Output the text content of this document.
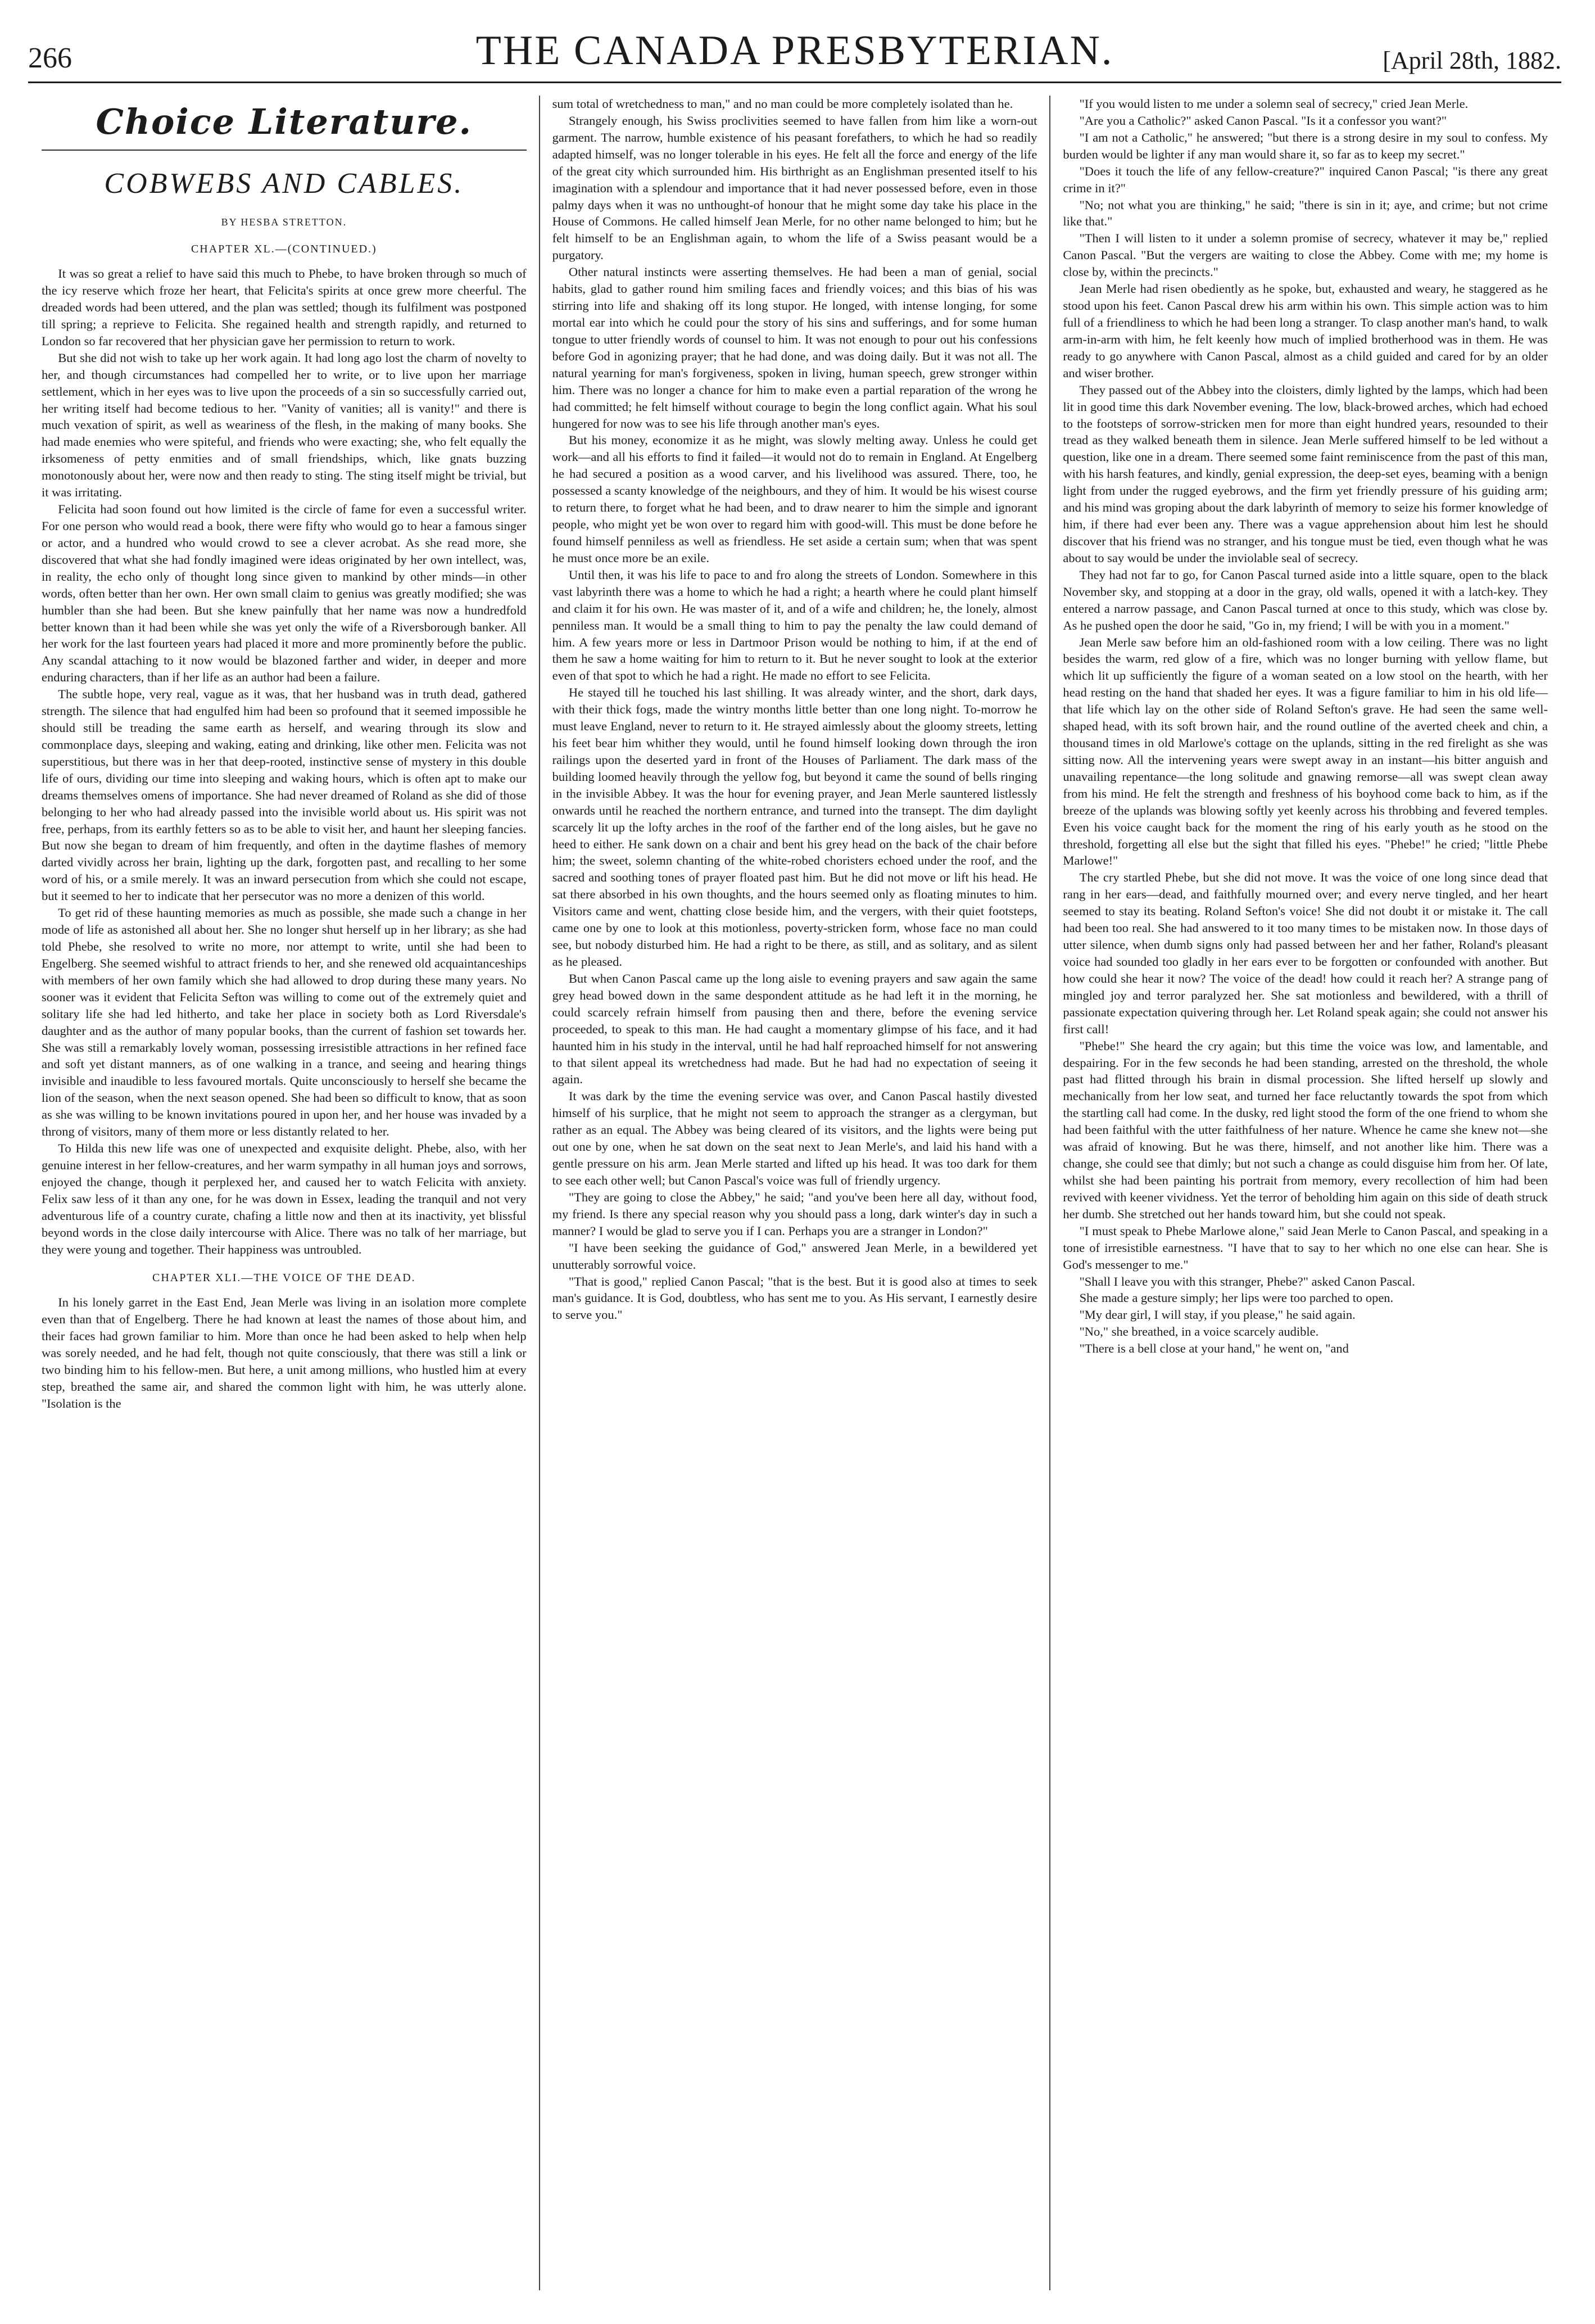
266	THE CANADA PRESBYTERIAN.	[April 28th, 1882.
Choice Literature.
COBWEBS AND CABLES.
BY HESBA STRETTON.
CHAPTER XL.—(CONTINUED.)

It was so great a relief to have said this much to Phebe, to have broken through so much of the icy reserve which froze her heart, that Felicita's spirits at once grew more cheerful. The dreaded words had been uttered, and the plan was settled; though its fulfilment was postponed till spring; a reprieve to Felicita. She regained health and strength rapidly, and returned to London so far recovered that her physician gave her permission to return to work.

But she did not wish to take up her work again. It had long ago lost the charm of novelty to her, and though circumstances had compelled her to write, or to live upon her marriage settlement, which in her eyes was to live upon the proceeds of a sin so successfully carried out, her writing itself had become tedious to her. "Vanity of vanities; all is vanity!" and there is much vexation of spirit, as well as weariness of the flesh, in the making of many books. She had made enemies who were spiteful, and friends who were exacting; she, who felt equally the irksomeness of petty enmities and of small friendships, which, like gnats buzzing monotonously about her, were now and then ready to sting. The sting itself might be trivial, but it was irritating.

Felicita had soon found out how limited is the circle of fame for even a successful writer. For one person who would read a book, there were fifty who would go to hear a famous singer or actor, and a hundred who would crowd to see a clever acrobat. As she read more, she discovered that what she had fondly imagined were ideas originated by her own intellect, was, in reality, the echo only of thought long since given to mankind by other minds—in other words, often better than her own. Her own small claim to genius was greatly modified; she was humbler than she had been. But she knew painfully that her name was now a hundredfold better known than it had been while she was yet only the wife of a Riversborough banker. All her work for the last fourteen years had placed it more and more prominently before the public. Any scandal attaching to it now would be blazoned farther and wider, in deeper and more enduring characters, than if her life as an author had been a failure.

The subtle hope, very real, vague as it was, that her husband was in truth dead, gathered strength. The silence that had engulfed him had been so profound that it seemed impossible he should still be treading the same earth as herself, and wearing through its slow and commonplace days, sleeping and waking, eating and drinking, like other men. Felicita was not superstitious, but there was in her that deep-rooted, instinctive sense of mystery in this double life of ours, dividing our time into sleeping and waking hours, which is often apt to make our dreams themselves omens of importance. She had never dreamed of Roland as she did of those belonging to her who had already passed into the invisible world about us. His spirit was not free, perhaps, from its earthly fetters so as to be able to visit her, and haunt her sleeping fancies. But now she began to dream of him frequently, and often in the daytime flashes of memory darted vividly across her brain, lighting up the dark, forgotten past, and recalling to her some word of his, or a smile merely. It was an inward persecution from which she could not escape, but it seemed to her to indicate that her persecutor was no more a denizen of this world.

To get rid of these haunting memories as much as possible, she made such a change in her mode of life as astonished all about her. She no longer shut herself up in her library; as she had told Phebe, she resolved to write no more, nor attempt to write, until she had been to Engelberg. She seemed wishful to attract friends to her, and she renewed old acquaintanceships with members of her own family which she had allowed to drop during these many years. No sooner was it evident that Felicita Sefton was willing to come out of the extremely quiet and solitary life she had led hitherto, and take her place in society both as Lord Riversdale's daughter and as the author of many popular books, than the current of fashion set towards her. She was still a remarkably lovely woman, possessing irresistible attractions in her refined face and soft yet distant manners, as of one walking in a trance, and seeing and hearing things invisible and inaudible to less favoured mortals. Quite unconsciously to herself she became the lion of the season, when the next season opened. She had been so difficult to know, that as soon as she was willing to be known invitations poured in upon her, and her house was invaded by a throng of visitors, many of them more or less distantly related to her.

To Hilda this new life was one of unexpected and exquisite delight. Phebe, also, with her genuine interest in her fellow-creatures, and her warm sympathy in all human joys and sorrows, enjoyed the change, though it perplexed her, and caused her to watch Felicita with anxiety. Felix saw less of it than any one, for he was down in Essex, leading the tranquil and not very adventurous life of a country curate, chafing a little now and then at its inactivity, yet blissful beyond words in the close daily intercourse with Alice. There was no talk of her marriage, but they were young and together. Their happiness was untroubled.

CHAPTER XLI.—THE VOICE OF THE DEAD.

In his lonely garret in the East End, Jean Merle was living in an isolation more complete even than that of Engelberg. There he had known at least the names of those about him, and their faces had grown familiar to him. More than once he had been asked to help when help was sorely needed, and he had felt, though not quite consciously, that there was still a link or two binding him to his fellow-men. But here, a unit among millions, who hustled him at every step, breathed the same air, and shared the common light with him, he was utterly alone. "Isolation is the

sum total of wretchedness to man," and no man could be more completely isolated than he.

Strangely enough, his Swiss proclivities seemed to have fallen from him like a worn-out garment. The narrow, humble existence of his peasant forefathers, to which he had so readily adapted himself, was no longer tolerable in his eyes. He felt all the force and energy of the life of the great city which surrounded him. His birthright as an Englishman presented itself to his imagination with a splendour and importance that it had never possessed before, even in those palmy days when it was no unthought-of honour that he might some day take his place in the House of Commons. He called himself Jean Merle, for no other name belonged to him; but he felt himself to be an Englishman again, to whom the life of a Swiss peasant would be a purgatory.

Other natural instincts were asserting themselves. He had been a man of genial, social habits, glad to gather round him smiling faces and friendly voices; and this bias of his was stirring into life and shaking off its long stupor. He longed, with intense longing, for some mortal ear into which he could pour the story of his sins and sufferings, and for some human tongue to utter friendly words of counsel to him. It was not enough to pour out his confessions before God in agonizing prayer; that he had done, and was doing daily. But it was not all. The natural yearning for man's forgiveness, spoken in living, human speech, grew stronger within him. There was no longer a chance for him to make even a partial reparation of the wrong he had committed; he felt himself without courage to begin the long conflict again. What his soul hungered for now was to see his life through another man's eyes.

But his money, economize it as he might, was slowly melting away. Unless he could get work—and all his efforts to find it failed—it would not do to remain in England. At Engelberg he had secured a position as a wood carver, and his livelihood was assured. There, too, he possessed a scanty knowledge of the neighbours, and they of him. It would be his wisest course to return there, to forget what he had been, and to draw nearer to him the simple and ignorant people, who might yet be won over to regard him with good-will. This must be done before he found himself penniless as well as friendless. He set aside a certain sum; when that was spent he must once more be an exile.

Until then, it was his life to pace to and fro along the streets of London. Somewhere in this vast labyrinth there was a home to which he had a right; a hearth where he could plant himself and claim it for his own. He was master of it, and of a wife and children; he, the lonely, almost penniless man. It would be a small thing to him to pay the penalty the law could demand of him. A few years more or less in Dartmoor Prison would be nothing to him, if at the end of them he saw a home waiting for him to return to it. But he never sought to look at the exterior even of that spot to which he had a right. He made no effort to see Felicita.

He stayed till he touched his last shilling. It was already winter, and the short, dark days, with their thick fogs, made the wintry months little better than one long night. To-morrow he must leave England, never to return to it. He strayed aimlessly about the gloomy streets, letting his feet bear him whither they would, until he found himself looking down through the iron railings upon the deserted yard in front of the Houses of Parliament. The dark mass of the building loomed heavily through the yellow fog, but beyond it came the sound of bells ringing in the invisible Abbey. It was the hour for evening prayer, and Jean Merle sauntered listlessly onwards until he reached the northern entrance, and turned into the transept. The dim daylight scarcely lit up the lofty arches in the roof of the farther end of the long aisles, but he gave no heed to either. He sank down on a chair and bent his grey head on the back of the chair before him; the sweet, solemn chanting of the white-robed choristers echoed under the roof, and the sacred and soothing tones of prayer floated past him. But he did not move or lift his head. He sat there absorbed in his own thoughts, and the hours seemed only as floating minutes to him. Visitors came and went, chatting close beside him, and the vergers, with their quiet footsteps, came one by one to look at this motionless, poverty-stricken form, whose face no man could see, but nobody disturbed him. He had a right to be there, as still, and as solitary, and as silent as he pleased.

But when Canon Pascal came up the long aisle to evening prayers and saw again the same grey head bowed down in the same despondent attitude as he had left it in the morning, he could scarcely refrain himself from pausing then and there, before the evening service proceeded, to speak to this man. He had caught a momentary glimpse of his face, and it had haunted him in his study in the interval, until he had half reproached himself for not answering to that silent appeal its wretchedness had made. But he had had no expectation of seeing it again.

It was dark by the time the evening service was over, and Canon Pascal hastily divested himself of his surplice, that he might not seem to approach the stranger as a clergyman, but rather as an equal. The Abbey was being cleared of its visitors, and the lights were being put out one by one, when he sat down on the seat next to Jean Merle's, and laid his hand with a gentle pressure on his arm. Jean Merle started and lifted up his head. It was too dark for them to see each other well; but Canon Pascal's voice was full of friendly urgency.

"They are going to close the Abbey," he said; "and you've been here all day, without food, my friend. Is there any special reason why you should pass a long, dark winter's day in such a manner? I would be glad to serve you if I can. Perhaps you are a stranger in London?"

"I have been seeking the guidance of God," answered Jean Merle, in a bewildered yet unutterably sorrowful voice.

"That is good," replied Canon Pascal; "that is the best. But it is good also at times to seek man's guidance. It is God, doubtless, who has sent me to you. As His servant, I earnestly desire to serve you."

"If you would listen to me under a solemn seal of secrecy," cried Jean Merle.

"Are you a Catholic?" asked Canon Pascal. "Is it a confessor you want?"

"I am not a Catholic," he answered; "but there is a strong desire in my soul to confess. My burden would be lighter if any man would share it, so far as to keep my secret."

"Does it touch the life of any fellow-creature?" inquired Canon Pascal; "is there any great crime in it?"

"No; not what you are thinking," he said; "there is sin in it; aye, and crime; but not crime like that."

"Then I will listen to it under a solemn promise of secrecy, whatever it may be," replied Canon Pascal. "But the vergers are waiting to close the Abbey. Come with me; my home is close by, within the precincts."

Jean Merle had risen obediently as he spoke, but, exhausted and weary, he staggered as he stood upon his feet. Canon Pascal drew his arm within his own. This simple action was to him full of a friendliness to which he had been long a stranger. To clasp another man's hand, to walk arm-in-arm with him, he felt keenly how much of implied brotherhood was in them. He was ready to go anywhere with Canon Pascal, almost as a child guided and cared for by an older and wiser brother.

They passed out of the Abbey into the cloisters, dimly lighted by the lamps, which had been lit in good time this dark November evening. The low, black-browed arches, which had echoed to the footsteps of sorrow-stricken men for more than eight hundred years, resounded to their tread as they walked beneath them in silence. Jean Merle suffered himself to be led without a question, like one in a dream. There seemed some faint reminiscence from the past of this man, with his harsh features, and kindly, genial expression, the deep-set eyes, beaming with a benign light from under the rugged eyebrows, and the firm yet friendly pressure of his guiding arm; and his mind was groping about the dark labyrinth of memory to seize his former knowledge of him, if there had ever been any. There was a vague apprehension about him lest he should discover that his friend was no stranger, and his tongue must be tied, even though what he was about to say would be under the inviolable seal of secrecy.

They had not far to go, for Canon Pascal turned aside into a little square, open to the black November sky, and stopping at a door in the gray, old walls, opened it with a latch-key. They entered a narrow passage, and Canon Pascal turned at once to this study, which was close by. As he pushed open the door he said, "Go in, my friend; I will be with you in a moment."

Jean Merle saw before him an old-fashioned room with a low ceiling. There was no light besides the warm, red glow of a fire, which was no longer burning with yellow flame, but which lit up sufficiently the figure of a woman seated on a low stool on the hearth, with her head resting on the hand that shaded her eyes. It was a figure familiar to him in his old life—that life which lay on the other side of Roland Sefton's grave. He had seen the same well-shaped head, with its soft brown hair, and the round outline of the averted cheek and chin, a thousand times in old Marlowe's cottage on the uplands, sitting in the red firelight as she was sitting now. All the intervening years were swept away in an instant—his bitter anguish and unavailing repentance—the long solitude and gnawing remorse—all was swept clean away from his mind. He felt the strength and freshness of his boyhood come back to him, as if the breeze of the uplands was blowing softly yet keenly across his throbbing and fevered temples. Even his voice caught back for the moment the ring of his early youth as he stood on the threshold, forgetting all else but the sight that filled his eyes. "Phebe!" he cried; "little Phebe Marlowe!"

The cry startled Phebe, but she did not move. It was the voice of one long since dead that rang in her ears—dead, and faithfully mourned over; and every nerve tingled, and her heart seemed to stay its beating. Roland Sefton's voice! She did not doubt it or mistake it. The call had been too real. She had answered to it too many times to be mistaken now. In those days of utter silence, when dumb signs only had passed between her and her father, Roland's pleasant voice had sounded too gladly in her ears ever to be forgotten or confounded with another. But how could she hear it now? The voice of the dead! how could it reach her? A strange pang of mingled joy and terror paralyzed her. She sat motionless and bewildered, with a thrill of passionate expectation quivering through her. Let Roland speak again; she could not answer his first call!

"Phebe!" She heard the cry again; but this time the voice was low, and lamentable, and despairing. For in the few seconds he had been standing, arrested on the threshold, the whole past had flitted through his brain in dismal procession. She lifted herself up slowly and mechanically from her low seat, and turned her face reluctantly towards the spot from which the startling call had come. In the dusky, red light stood the form of the one friend to whom she had been faithful with the utter faithfulness of her nature. Whence he came she knew not—she was afraid of knowing. But he was there, himself, and not another like him. There was a change, she could see that dimly; but not such a change as could disguise him from her. Of late, whilst she had been painting his portrait from memory, every recollection of him had been revived with keener vividness. Yet the terror of beholding him again on this side of death struck her dumb. She stretched out her hands toward him, but she could not speak.

"I must speak to Phebe Marlowe alone," said Jean Merle to Canon Pascal, and speaking in a tone of irresistible earnestness. "I have that to say to her which no one else can hear. She is God's messenger to me."

"Shall I leave you with this stranger, Phebe?" asked Canon Pascal.

She made a gesture simply; her lips were too parched to open.

"My dear girl, I will stay, if you please," he said again.

"No," she breathed, in a voice scarcely audible.

"There is a bell close at your hand," he went on, "and
